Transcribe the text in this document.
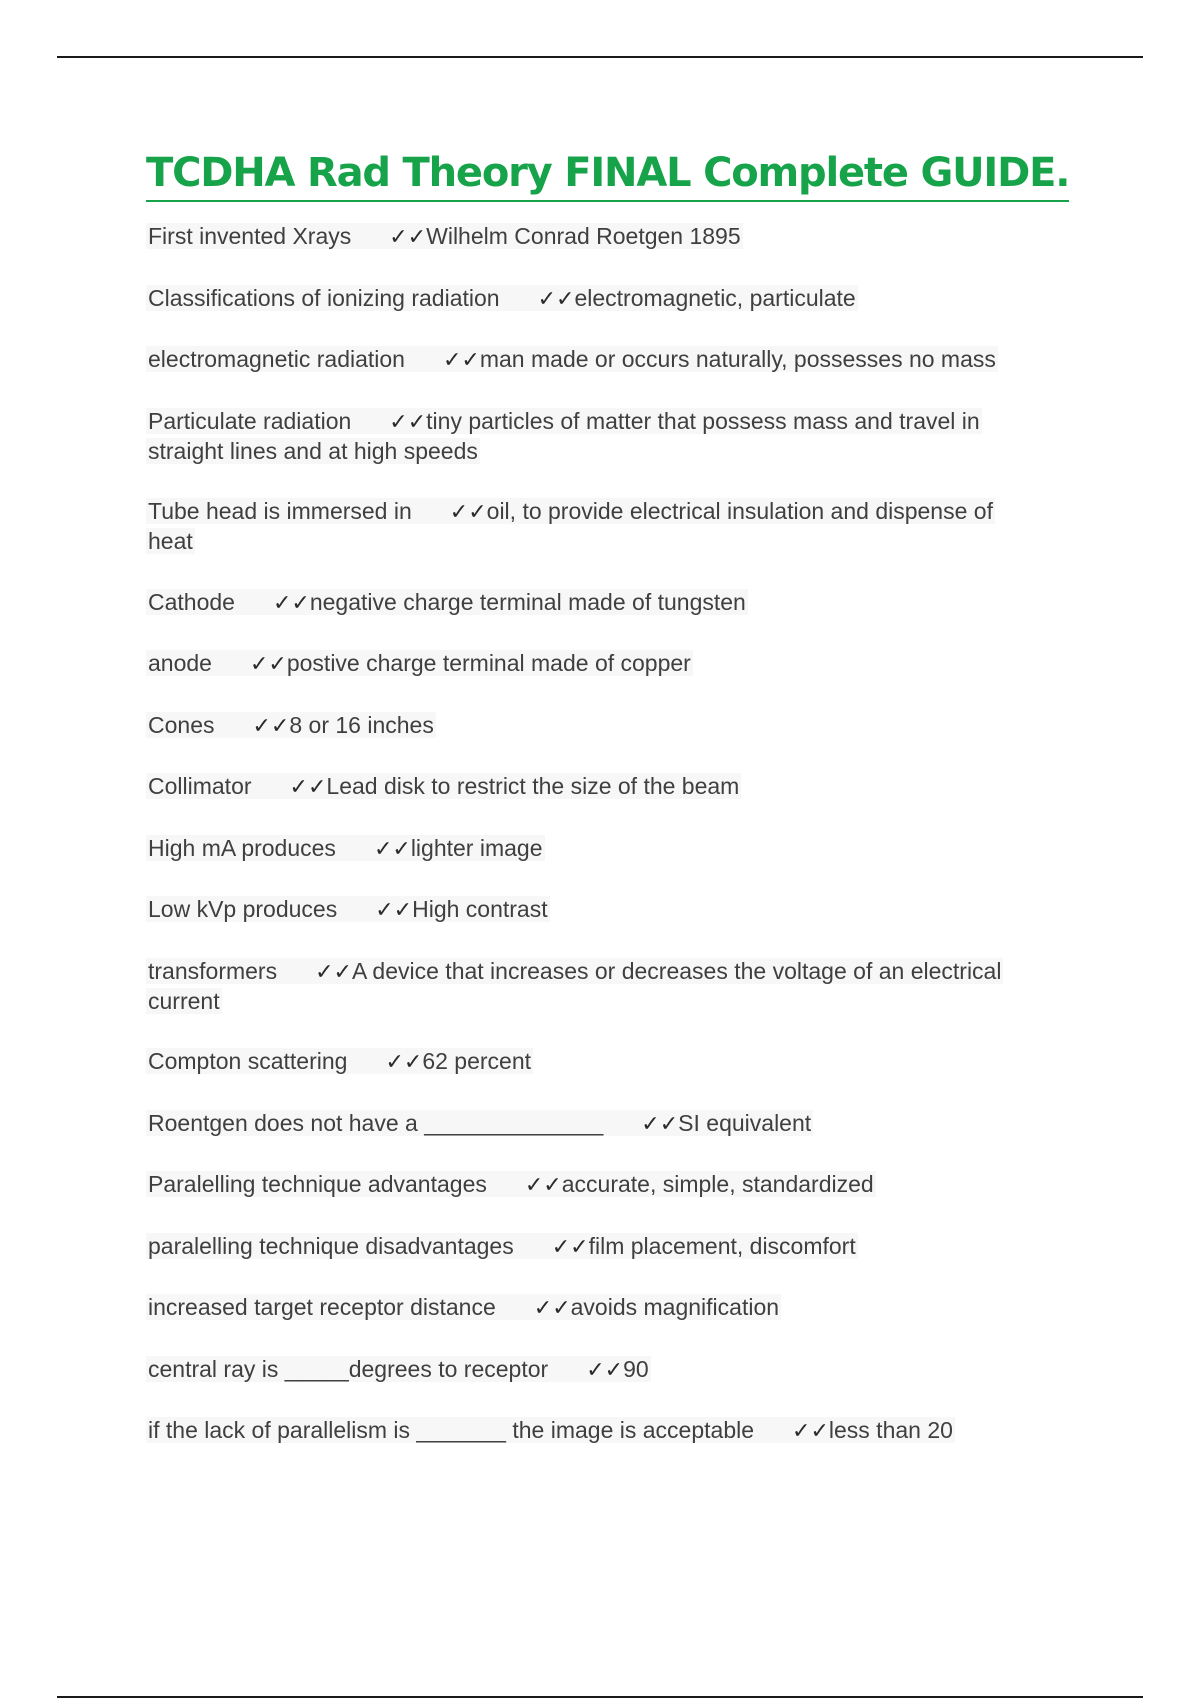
TCDHA Rad Theory FINAL Complete GUIDE.
First invented Xrays ✓✓Wilhelm Conrad Roetgen 1895
Classifications of ionizing radiation ✓✓electromagnetic, particulate
electromagnetic radiation ✓✓man made or occurs naturally, possesses no mass
Particulate radiation ✓✓tiny particles of matter that possess mass and travel in straight lines and at high speeds
Tube head is immersed in ✓✓oil, to provide electrical insulation and dispense of heat
Cathode ✓✓negative charge terminal made of tungsten
anode ✓✓postive charge terminal made of copper
Cones ✓✓8 or 16 inches
Collimator ✓✓Lead disk to restrict the size of the beam
High mA produces ✓✓lighter image
Low kVp produces ✓✓High contrast
transformers ✓✓A device that increases or decreases the voltage of an electrical current
Compton scattering ✓✓62 percent
Roentgen does not have a ______________ ✓✓SI equivalent
Paralelling technique advantages ✓✓accurate, simple, standardized
paralelling technique disadvantages ✓✓film placement, discomfort
increased target receptor distance ✓✓avoids magnification
central ray is _____degrees to receptor ✓✓90
if the lack of parallelism is _______ the image is acceptable ✓✓less than 20
